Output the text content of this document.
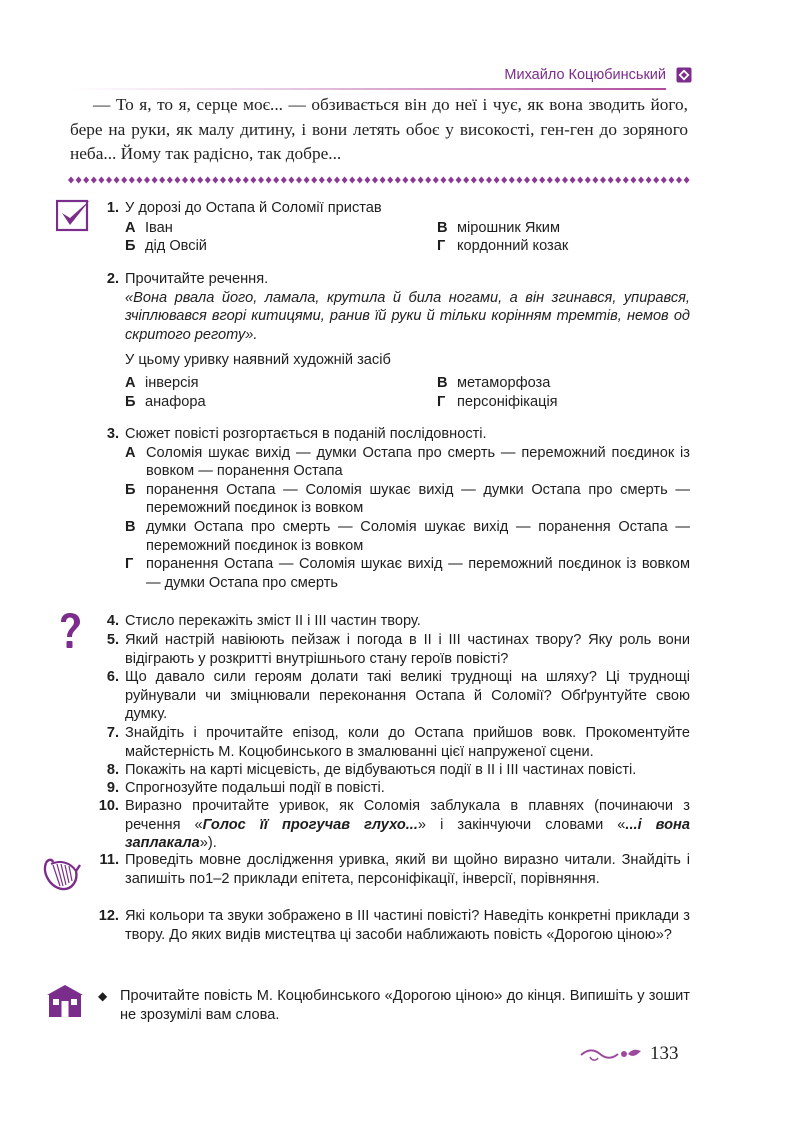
Михайло Коцюбинський

— То я, то я, серце моє... — обзивається він до неї і чує, як вона зводить його, бере на руки, як малу дитину, і вони летять обоє у високості, ген-ген до зоряного неба... Йому так радісно, так добре...

1. У дорозі до Остапа й Соломії пристав
А Іван
Б дід Овсій
В мірошник Яким
Г кордонний козак
2. Прочитайте речення.
«Вона рвала його, ламала, крутила й била ногами, а він згинався, упирався, зчіплювався вгорі китицями, ранив їй руки й тільки корінням тремтів, немов од скритого реготу».
У цьому уривку наявний художній засіб
А інверсія
Б анафора
В метаморфоза
Г персоніфікація
3. Сюжет повісті розгортається в поданій послідовності.
А Соломія шукає вихід — думки Остапа про смерть — переможний поєдинок із вовком — поранення Остапа
Б поранення Остапа — Соломія шукає вихід — думки Остапа про смерть — переможний поєдинок із вовком
В думки Остапа про смерть — Соломія шукає вихід — поранення Остапа — переможний поєдинок із вовком
Г поранення Остапа — Соломія шукає вихід — переможний поєдинок із вовком — думки Остапа про смерть
4. Стисло перекажіть зміст ІІ і ІІІ частин твору.
5. Який настрій навіюють пейзаж і погода в ІІ і ІІІ частинах твору? Яку роль вони відіграють у розкритті внутрішнього стану героїв повісті?
6. Що давало сили героям долати такі великі труднощі на шляху? Ці труднощі руйнували чи зміцнювали переконання Остапа й Соломії? Обґрунтуйте свою думку.
7. Знайдіть і прочитайте епізод, коли до Остапа прийшов вовк. Прокоментуйте майстерність М. Коцюбинського в змалюванні цієї напруженої сцени.
8. Покажіть на карті місцевість, де відбуваються події в ІІ і ІІІ частинах повісті.
9. Спрогнозуйте подальші події в повісті.
10. Виразно прочитайте уривок, як Соломія заблукала в плавнях (починаючи з речення «Голос її прогучав глухо...» і закінчуючи словами «...і вона заплакала»).
11. Проведіть мовне дослідження уривка, який ви щойно виразно читали. Знайдіть і запишіть по1–2 приклади епітета, персоніфікації, інверсії, порівняння.
12. Які кольори та звуки зображено в ІІІ частині повісті? Наведіть конкретні приклади з твору. До яких видів мистецтва ці засоби наближають повість «Дорогою ціною»?
◆ Прочитайте повість М. Коцюбинського «Дорогою ціною» до кінця. Випишіть у зошит не зрозумілі вам слова.
133
